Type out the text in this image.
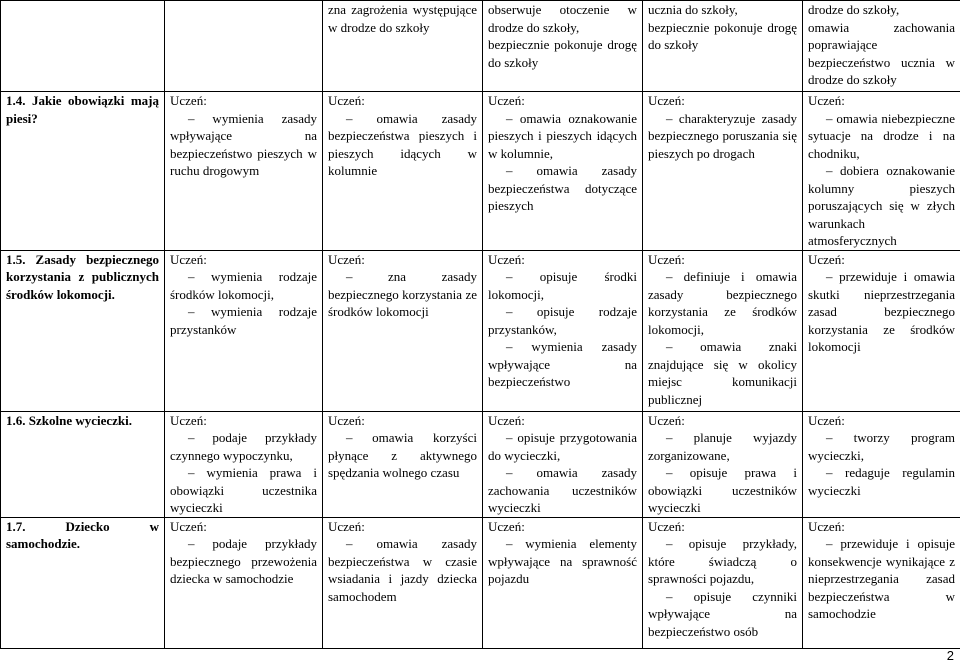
		zna zagrożenia występujące w drodze do szkoły	obserwuje otoczenie w drodze do szkoły,
bezpiecznie pokonuje drogę do szkoły	ucznia do szkoły,
bezpiecznie pokonuje drogę do szkoły	drodze do szkoły,
omawia zachowania poprawiające bezpieczeństwo ucznia w drodze do szkoły

1.4. Jakie obowiązki mają piesi?	Uczeń:
– wymienia zasady wpływające na bezpieczeństwo pieszych w ruchu drogowym	Uczeń:
– omawia zasady bezpieczeństwa pieszych i pieszych idących w kolumnie	Uczeń:
– omawia oznakowanie pieszych i pieszych idących w kolumnie,
– omawia zasady bezpieczeństwa dotyczące pieszych	Uczeń:
– charakteryzuje zasady bezpiecznego poruszania się pieszych po drogach	Uczeń:
– omawia niebezpieczne sytuacje na drodze i na chodniku,
– dobiera oznakowanie kolumny pieszych poruszających się w złych warunkach atmosferycznych

1.5. Zasady bezpiecznego korzystania z publicznych środków lokomocji.	Uczeń:
– wymienia rodzaje środków lokomocji,
– wymienia rodzaje przystanków	Uczeń:
– zna zasady bezpiecznego korzystania ze środków lokomocji	Uczeń:
– opisuje środki lokomocji,
– opisuje rodzaje przystanków,
– wymienia zasady wpływające na bezpieczeństwo	Uczeń:
– definiuje i omawia zasady bezpiecznego korzystania ze środków lokomocji,
– omawia znaki znajdujące się w okolicy miejsc komunikacji publicznej	Uczeń:
– przewiduje i omawia skutki nieprzestrzegania zasad bezpiecznego korzystania ze środków lokomocji

1.6. Szkolne wycieczki.	Uczeń:
– podaje przykłady czynnego wypoczynku,
– wymienia prawa i obowiązki uczestnika wycieczki	Uczeń:
– omawia korzyści płynące z aktywnego spędzania wolnego czasu	Uczeń:
– opisuje przygotowania do wycieczki,
– omawia zasady zachowania uczestników wycieczki	Uczeń:
– planuje wyjazdy zorganizowane,
– opisuje prawa i obowiązki uczestników wycieczki	Uczeń:
– tworzy program wycieczki,
– redaguje regulamin wycieczki

1.7. Dziecko w samochodzie.	Uczeń:
– podaje przykłady bezpiecznego przewożenia dziecka w samochodzie	Uczeń:
– omawia zasady bezpieczeństwa w czasie wsiadania i jazdy dziecka samochodem	Uczeń:
– wymienia elementy wpływające na sprawność pojazdu	Uczeń:
– opisuje przykłady, które świadczą o sprawności pojazdu,
– opisuje czynniki wpływające na bezpieczeństwo osób	Uczeń:
– przewiduje i opisuje konsekwencje wynikające z nieprzestrzegania zasad bezpieczeństwa w samochodzie
2
